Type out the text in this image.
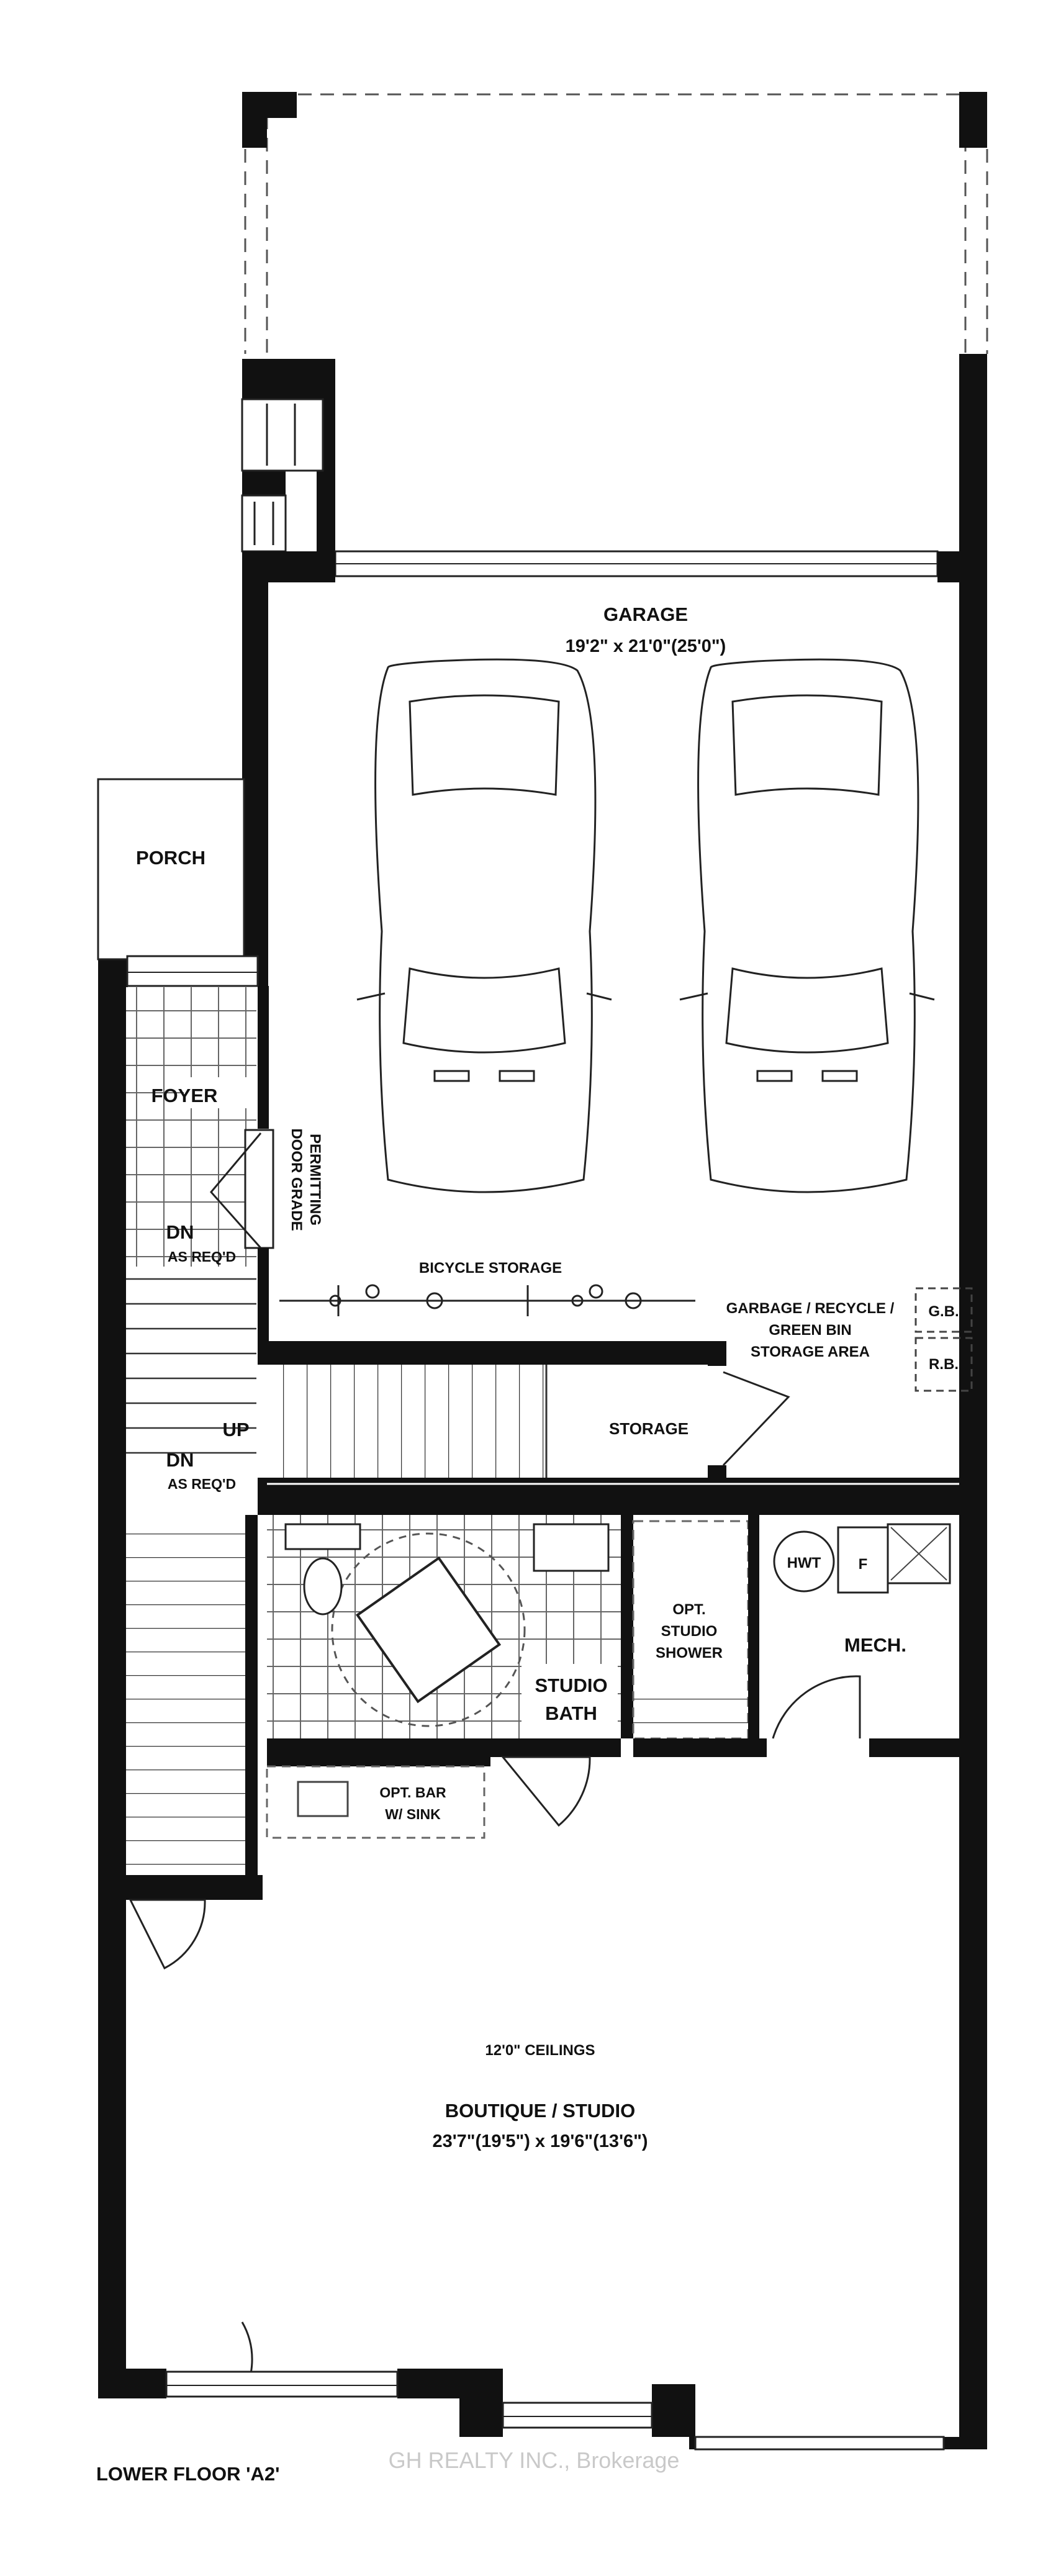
GARAGE
19'2" x 21'0"(25'0")
PORCH
FOYER
DN
AS REQ'D
BICYCLE STORAGE
GARBAGE / RECYCLE /
GREEN BIN
STORAGE AREA
G.B.
R.B.
UP
DN
AS REQ'D
STORAGE
HWT	F
OPT.
STUDIO
SHOWER	MECH.
STUDIO
BATH
OPT. BAR
W/ SINK
12'0" CEILINGS
BOUTIQUE / STUDIO
23'7"(19'5") x 19'6"(13'6")
GH REALTY INC., Brokerage
DOOR GRADE PERMITTING
LOWER FLOOR 'A2'
